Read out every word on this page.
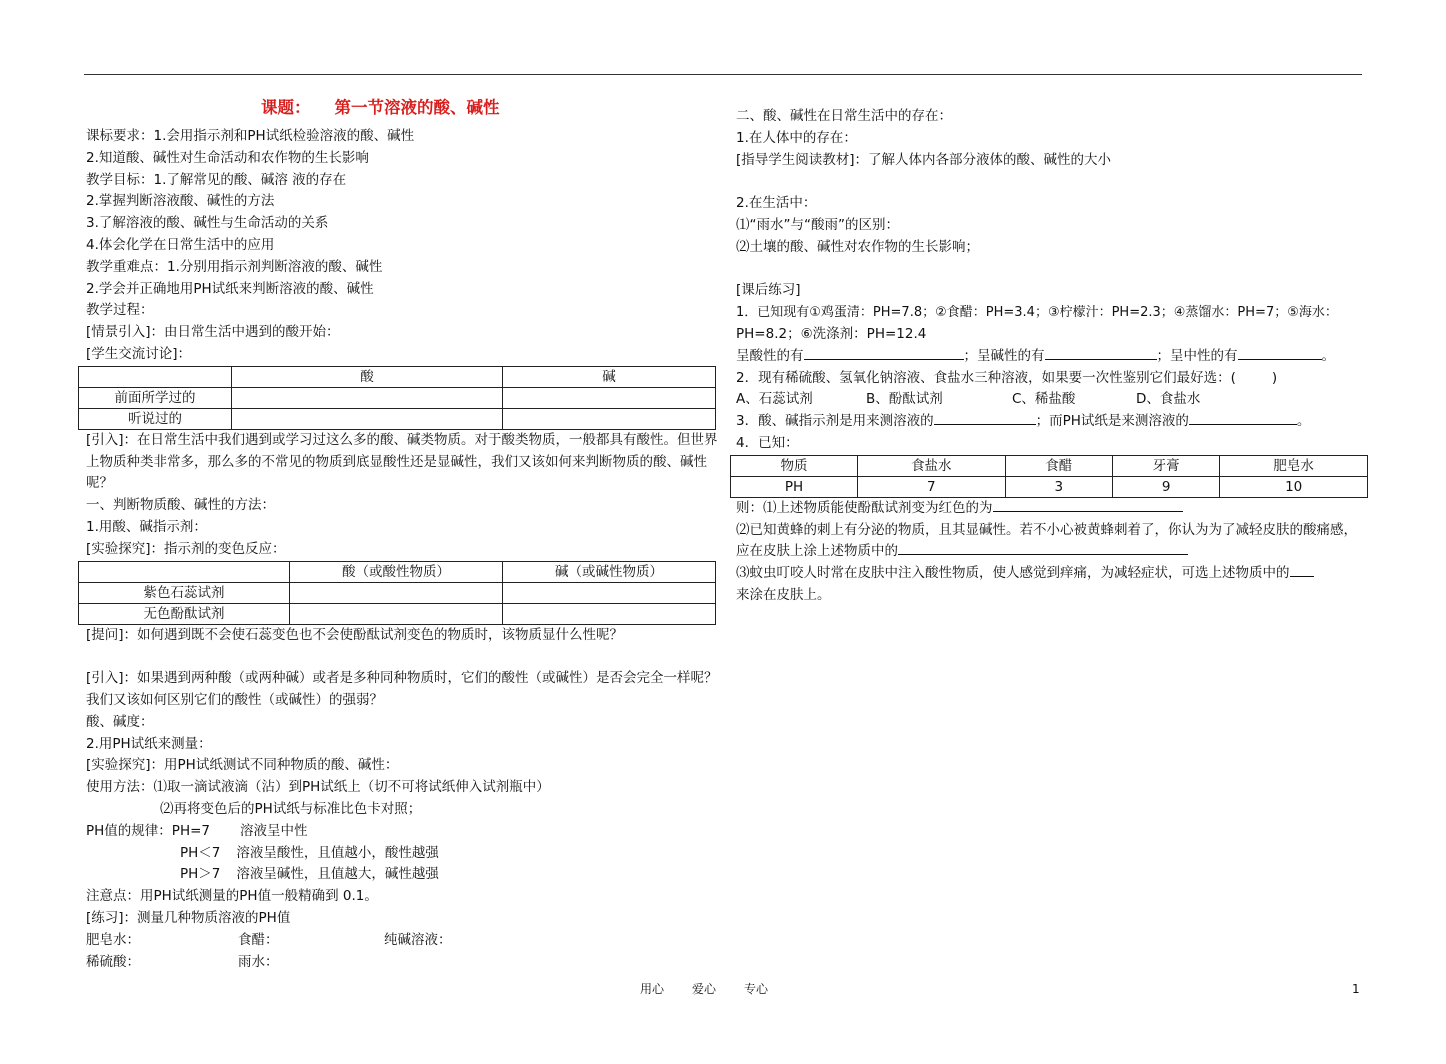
课题： 第一节溶液的酸、碱性
课标要求：1.会用指示剂和PH试纸检验溶液的酸、碱性
2.知道酸、碱性对生命活动和农作物的生长影响
教学目标：1.了解常见的酸、碱溶 液的存在
2.掌握判断溶液酸、碱性的方法
3.了解溶液的酸、碱性与生命活动的关系
4.体会化学在日常生活中的应用
教学重难点：1.分别用指示剂判断溶液的酸、碱性
2.学会并正确地用PH试纸来判断溶液的酸、碱性
教学过程：
[情景引入]：由日常生活中遇到的酸开始：
[学生交流讨论]：
	酸	碱
前面所学过的		
听说过的		
[引入]：在日常生活中我们遇到或学习过这么多的酸、碱类物质。对于酸类物质，一般都具有酸性。但世界上物质种类非常多，那么多的不常见的物质到底显酸性还是显碱性，我们又该如何来判断物质的酸、碱性呢？
一、判断物质酸、碱性的方法：
1.用酸、碱指示剂：
[实验探究]：指示剂的变色反应：
	酸（或酸性物质）	碱（或碱性物质）
紫色石蕊试剂		
无色酚酞试剂		
[提问]：如何遇到既不会使石蕊变色也不会使酚酞试剂变色的物质时，该物质显什么性呢？
[引入]：如果遇到两种酸（或两种碱）或者是多种同种物质时，它们的酸性（或碱性）是否会完全一样呢？我们又该如何区别它们的酸性（或碱性）的强弱？
酸、碱度：
2.用PH试纸来测量：
[实验探究]：用PH试纸测试不同种物质的酸、碱性：
使用方法：⑴取一滴试液滴（沾）到PH试纸上（切不可将试纸伸入试剂瓶中）
⑵再将变色后的PH试纸与标准比色卡对照；
PH值的规律：PH=7 溶液呈中性
PH＜7 溶液呈酸性，且值越小，酸性越强
PH＞7 溶液呈碱性，且值越大，碱性越强
注意点：用PH试纸测量的PH值一般精确到 0.1。
[练习]：测量几种物质溶液的PH值
肥皂水：	食醋：	纯碱溶液：
稀硫酸：	雨水：
二、酸、碱性在日常生活中的存在：
1.在人体中的存在：
[指导学生阅读教材]：了解人体内各部分液体的酸、碱性的大小
2.在生活中：
⑴“雨水”与“酸雨”的区别：
⑵土壤的酸、碱性对农作物的生长影响；
[课后练习]
1．已知现有①鸡蛋清：PH=7.8；②食醋：PH=3.4；③柠檬汁：PH=2.3；④蒸馏水：PH=7；⑤海水：
PH=8.2；⑥洗涤剂：PH=12.4
呈酸性的有	；呈碱性的有	；呈中性的有	。
2．现有稀硫酸、氢氧化钠溶液、食盐水三种溶液，如果要一次性鉴别它们最好选：(	)
A、石蕊试剂	B、酚酞试剂	C、稀盐酸	D、食盐水
3．酸、碱指示剂是用来测溶液的	；而PH试纸是来测溶液的	。
4．已知：
物质	食盐水	食醋	牙膏	肥皂水
PH	7	3	9	10
则：⑴上述物质能使酚酞试剂变为红色的为
⑵已知黄蜂的刺上有分泌的物质，且其显碱性。若不小心被黄蜂刺着了，你认为为了减轻皮肤的酸痛感，应在皮肤上涂上述物质中的
⑶蚊虫叮咬人时常在皮肤中注入酸性物质，使人感觉到痒痛，为减轻症状，可选上述物质中的
来涂在皮肤上。
用心 爱心 专心	1
